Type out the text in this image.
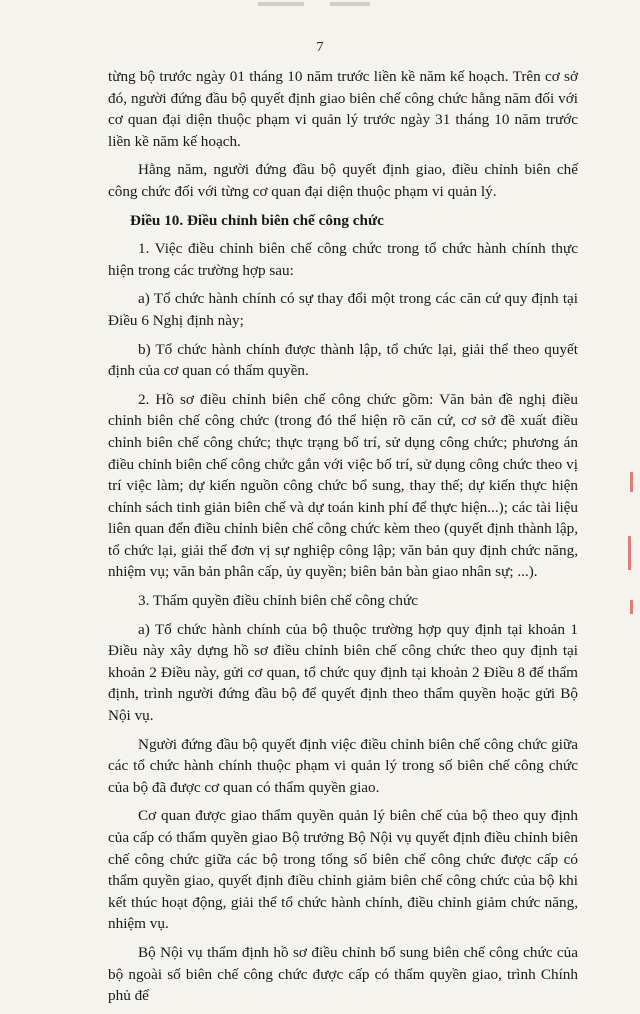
7

từng bộ trước ngày 01 tháng 10 năm trước liền kề năm kế hoạch. Trên cơ sở đó, người đứng đầu bộ quyết định giao biên chế công chức hằng năm đối với cơ quan đại diện thuộc phạm vi quản lý trước ngày 31 tháng 10 năm trước liền kề năm kế hoạch.

Hằng năm, người đứng đầu bộ quyết định giao, điều chỉnh biên chế công chức đối với từng cơ quan đại diện thuộc phạm vi quản lý.

Điều 10. Điều chỉnh biên chế công chức

1. Việc điều chỉnh biên chế công chức trong tổ chức hành chính thực hiện trong các trường hợp sau:

a) Tổ chức hành chính có sự thay đổi một trong các căn cứ quy định tại Điều 6 Nghị định này;

b) Tổ chức hành chính được thành lập, tổ chức lại, giải thể theo quyết định của cơ quan có thẩm quyền.

2. Hồ sơ điều chỉnh biên chế công chức gồm: Văn bản đề nghị điều chỉnh biên chế công chức (trong đó thể hiện rõ căn cứ, cơ sở đề xuất điều chỉnh biên chế công chức; thực trạng bố trí, sử dụng công chức; phương án điều chỉnh biên chế công chức gắn với việc bố trí, sử dụng công chức theo vị trí việc làm; dự kiến nguồn công chức bổ sung, thay thế; dự kiến thực hiện chính sách tinh giản biên chế và dự toán kinh phí để thực hiện...); các tài liệu liên quan đến điều chỉnh biên chế công chức kèm theo (quyết định thành lập, tổ chức lại, giải thể đơn vị sự nghiệp công lập; văn bản quy định chức năng, nhiệm vụ; văn bản phân cấp, ủy quyền; biên bản bàn giao nhân sự; ...).

3. Thẩm quyền điều chỉnh biên chế công chức

a) Tổ chức hành chính của bộ thuộc trường hợp quy định tại khoản 1 Điều này xây dựng hồ sơ điều chỉnh biên chế công chức theo quy định tại khoản 2 Điều này, gửi cơ quan, tổ chức quy định tại khoản 2 Điều 8 để thẩm định, trình người đứng đầu bộ để quyết định theo thẩm quyền hoặc gửi Bộ Nội vụ.

Người đứng đầu bộ quyết định việc điều chỉnh biên chế công chức giữa các tổ chức hành chính thuộc phạm vi quản lý trong số biên chế công chức của bộ đã được cơ quan có thẩm quyền giao.

Cơ quan được giao thẩm quyền quản lý biên chế của bộ theo quy định của cấp có thẩm quyền giao Bộ trưởng Bộ Nội vụ quyết định điều chỉnh biên chế công chức giữa các bộ trong tổng số biên chế công chức được cấp có thẩm quyền giao, quyết định điều chỉnh giảm biên chế công chức của bộ khi kết thúc hoạt động, giải thể tổ chức hành chính, điều chỉnh giảm chức năng, nhiệm vụ.

Bộ Nội vụ thẩm định hồ sơ điều chỉnh bổ sung biên chế công chức của bộ ngoài số biên chế công chức được cấp có thẩm quyền giao, trình Chính phủ để
